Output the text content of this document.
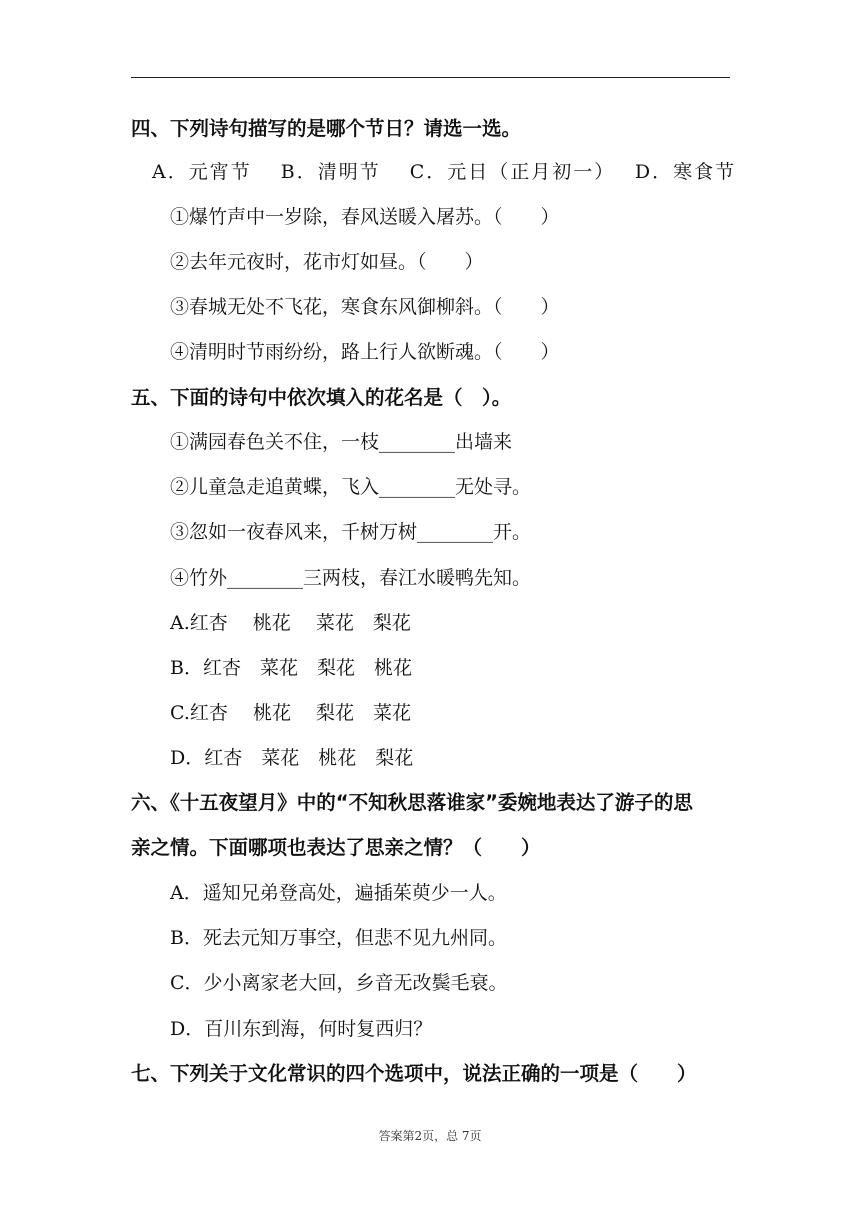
四、下列诗句描写的是哪个节日？请选一选。
A．元宵节　 B．清明节　 C．元日（正月初一）　 D．寒食节
①爆竹声中一岁除，春风送暖入屠苏。（　　）
②去年元夜时，花市灯如昼。（　　）
③春城无处不飞花，寒食东风御柳斜。（　　）
④清明时节雨纷纷，路上行人欲断魂。（　　）
五、下面的诗句中依次填入的花名是（　）。
①满园春色关不住，一枝________出墙来
②儿童急走追黄蝶，飞入________无处寻。
③忽如一夜春风来，千树万树________开。
④竹外________三两枝，春江水暖鸭先知。
A.红杏　 桃花　 菜花　梨花
B．红杏　菜花　梨花　桃花
C.红杏　 桃花　 梨花　菜花
D．红杏　菜花　桃花　梨花
六、《十五夜望月》中的“不知秋思落谁家”委婉地表达了游子的思
亲之情。下面哪项也表达了思亲之情？（　　）
A．遥知兄弟登高处，遍插茱萸少一人。
B．死去元知万事空，但悲不见九州同。
C．少小离家老大回，乡音无改鬓毛衰。
D．百川东到海，何时复西归？
七、下列关于文化常识的四个选项中，说法正确的一项是（　　）
答案第2页，总 7页
